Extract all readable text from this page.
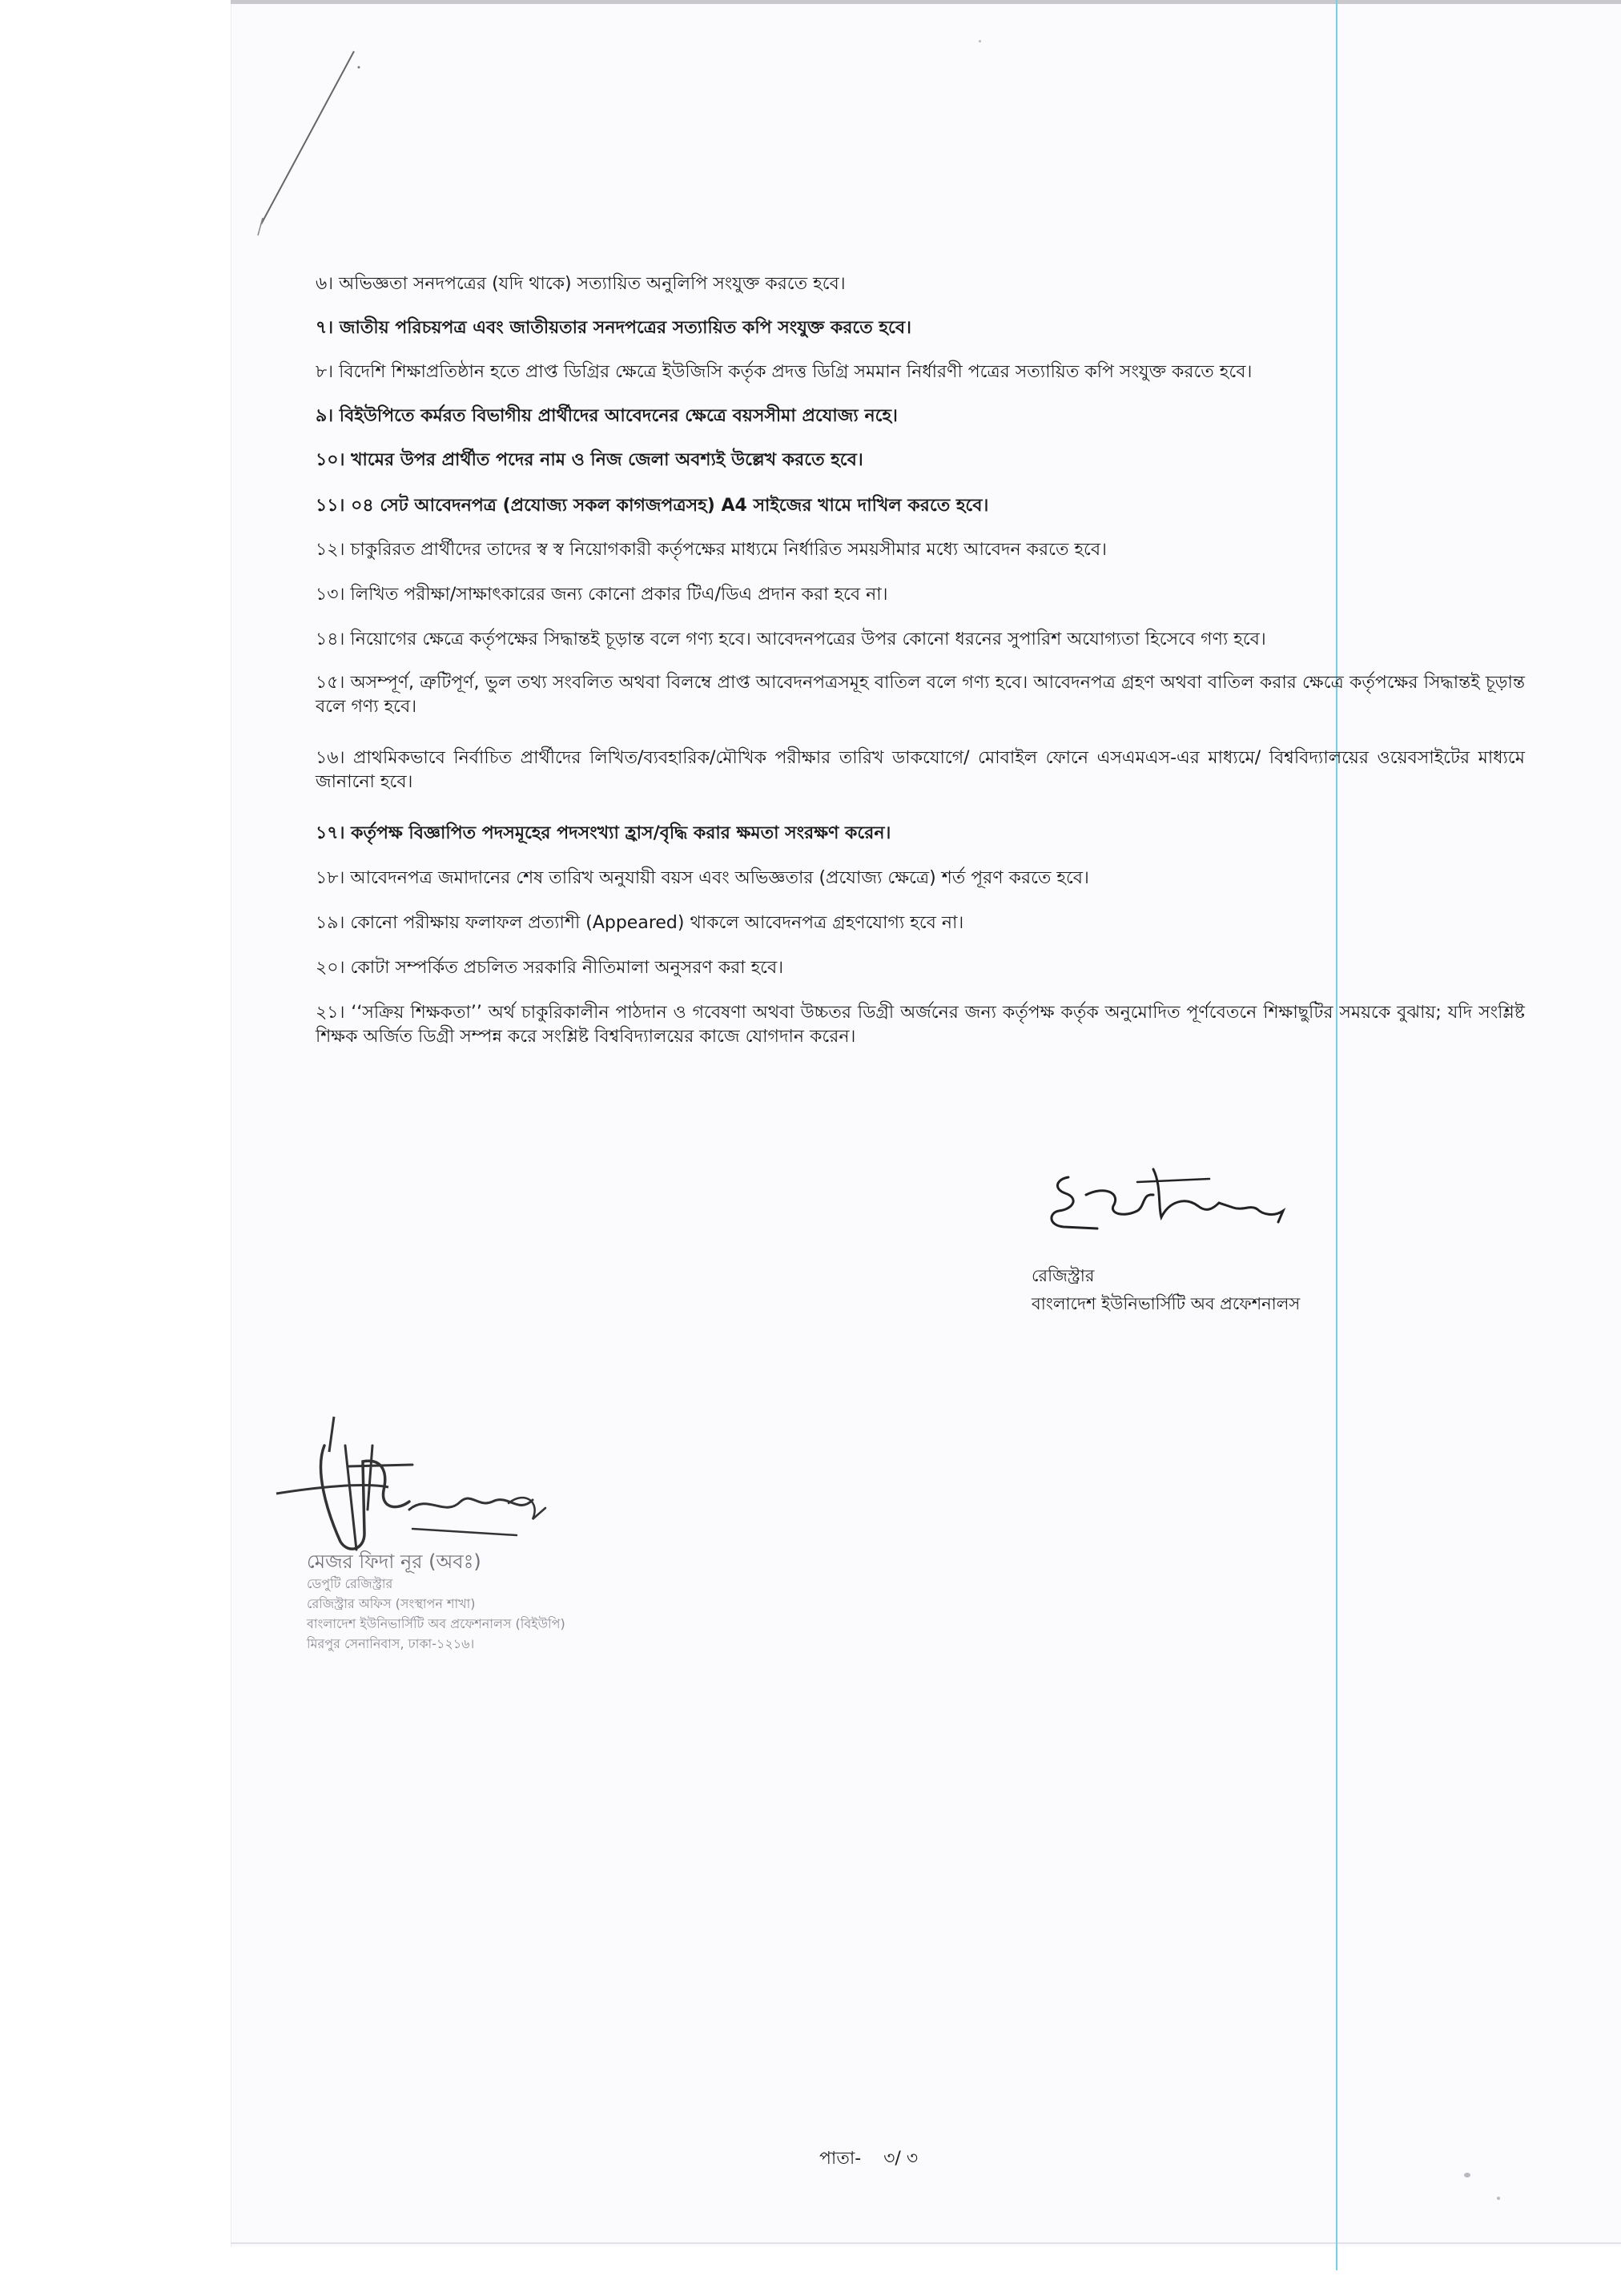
৬। অভিজ্ঞতা সনদপত্রের (যদি থাকে) সত্যায়িত অনুলিপি সংযুক্ত করতে হবে।
৭। জাতীয় পরিচয়পত্র এবং জাতীয়তার সনদপত্রের সত্যায়িত কপি সংযুক্ত করতে হবে।
৮। বিদেশি শিক্ষাপ্রতিষ্ঠান হতে প্রাপ্ত ডিগ্রির ক্ষেত্রে ইউজিসি কর্তৃক প্রদত্ত ডিগ্রি সমমান নির্ধারণী পত্রের সত্যায়িত কপি সংযুক্ত করতে হবে।
৯। বিইউপিতে কর্মরত বিভাগীয় প্রার্থীদের আবেদনের ক্ষেত্রে বয়সসীমা প্রযোজ্য নহে।
১০। খামের উপর প্রার্থীত পদের নাম ও নিজ জেলা অবশ্যই উল্লেখ করতে হবে।
১১। ০৪ সেট আবেদনপত্র (প্রযোজ্য সকল কাগজপত্রসহ) A4 সাইজের খামে দাখিল করতে হবে।
১২। চাকুরিরত প্রার্থীদের তাদের স্ব স্ব নিয়োগকারী কর্তৃপক্ষের মাধ্যমে নির্ধারিত সময়সীমার মধ্যে আবেদন করতে হবে।
১৩। লিখিত পরীক্ষা/সাক্ষাৎকারের জন্য কোনো প্রকার টিএ/ডিএ প্রদান করা হবে না।
১৪। নিয়োগের ক্ষেত্রে কর্তৃপক্ষের সিদ্ধান্তই চূড়ান্ত বলে গণ্য হবে। আবেদনপত্রের উপর কোনো ধরনের সুপারিশ অযোগ্যতা হিসেবে গণ্য হবে।
১৫। অসম্পূর্ণ, ত্রুটিপূর্ণ, ভুল তথ্য সংবলিত অথবা বিলম্বে প্রাপ্ত আবেদনপত্রসমূহ বাতিল বলে গণ্য হবে। আবেদনপত্র গ্রহণ অথবা বাতিল করার ক্ষেত্রে কর্তৃপক্ষের সিদ্ধান্তই চূড়ান্ত বলে গণ্য হবে।
১৬। প্রাথমিকভাবে নির্বাচিত প্রার্থীদের লিখিত/ব্যবহারিক/মৌখিক পরীক্ষার তারিখ ডাকযোগে/ মোবাইল ফোনে এসএমএস-এর মাধ্যমে/ বিশ্ববিদ্যালয়ের ওয়েবসাইটের মাধ্যমে জানানো হবে।
১৭। কর্তৃপক্ষ বিজ্ঞাপিত পদসমূহের পদসংখ্যা হ্রাস/বৃদ্ধি করার ক্ষমতা সংরক্ষণ করেন।
১৮। আবেদনপত্র জমাদানের শেষ তারিখ অনুযায়ী বয়স এবং অভিজ্ঞতার (প্রযোজ্য ক্ষেত্রে) শর্ত পূরণ করতে হবে।
১৯। কোনো পরীক্ষায় ফলাফল প্রত্যাশী (Appeared) থাকলে আবেদনপত্র গ্রহণযোগ্য হবে না।
২০। কোটা সম্পর্কিত প্রচলিত সরকারি নীতিমালা অনুসরণ করা হবে।
২১। ‘‘সক্রিয় শিক্ষকতা’’ অর্থ চাকুরিকালীন পাঠদান ও গবেষণা অথবা উচ্চতর ডিগ্রী অর্জনের জন্য কর্তৃপক্ষ কর্তৃক অনুমোদিত পূর্ণবেতনে শিক্ষাছুটির সময়কে বুঝায়; যদি সংশ্লিষ্ট শিক্ষক অর্জিত ডিগ্রী সম্পন্ন করে সংশ্লিষ্ট বিশ্ববিদ্যালয়ের কাজে যোগদান করেন।
রেজিস্ট্রার
বাংলাদেশ ইউনিভার্সিটি অব প্রফেশনালস
মেজর ফিদা নূর (অবঃ)
ডেপুটি রেজিস্ট্রার
রেজিস্ট্রার অফিস (সংস্থাপন শাখা)
বাংলাদেশ ইউনিভার্সিটি অব প্রফেশনালস (বিইউপি)
মিরপুর সেনানিবাস, ঢাকা-১২১৬।
পাতা-    ৩/ ৩
